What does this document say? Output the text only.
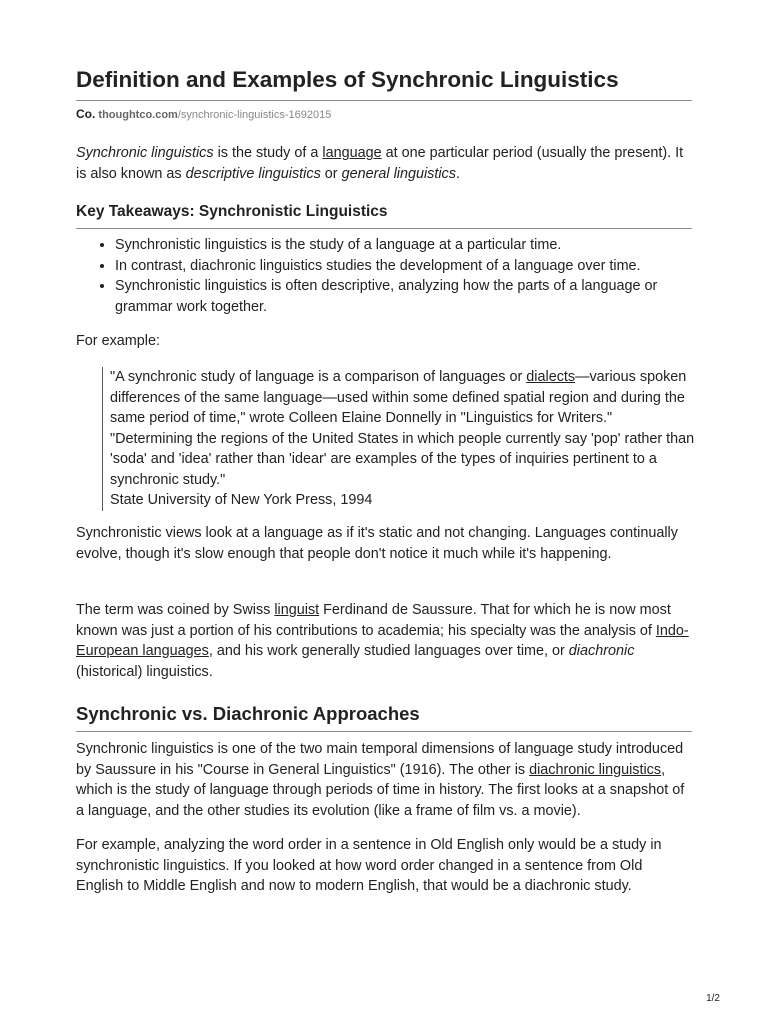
Definition and Examples of Synchronic Linguistics
Co. thoughtco.com/synchronic-linguistics-1692015

Synchronic linguistics is the study of a language at one particular period (usually the present). It is also known as descriptive linguistics or general linguistics.

Key Takeaways: Synchronistic Linguistics
• Synchronistic linguistics is the study of a language at a particular time.
• In contrast, diachronic linguistics studies the development of a language over time.
• Synchronistic linguistics is often descriptive, analyzing how the parts of a language or grammar work together.

For example:

"A synchronic study of language is a comparison of languages or dialects—various spoken differences of the same language—used within some defined spatial region and during the same period of time," wrote Colleen Elaine Donnelly in "Linguistics for Writers." "Determining the regions of the United States in which people currently say 'pop' rather than 'soda' and 'idea' rather than 'idear' are examples of the types of inquiries pertinent to a synchronic study."

State University of New York Press, 1994

Synchronistic views look at a language as if it's static and not changing. Languages continually evolve, though it's slow enough that people don't notice it much while it's happening.

The term was coined by Swiss linguist Ferdinand de Saussure. That for which he is now most known was just a portion of his contributions to academia; his specialty was the analysis of Indo-European languages, and his work generally studied languages over time, or diachronic (historical) linguistics.

Synchronic vs. Diachronic Approaches

Synchronic linguistics is one of the two main temporal dimensions of language study introduced by Saussure in his "Course in General Linguistics" (1916). The other is diachronic linguistics, which is the study of language through periods of time in history. The first looks at a snapshot of a language, and the other studies its evolution (like a frame of film vs. a movie).

For example, analyzing the word order in a sentence in Old English only would be a study in synchronistic linguistics. If you looked at how word order changed in a sentence from Old English to Middle English and now to modern English, that would be a diachronic study.

1/2
